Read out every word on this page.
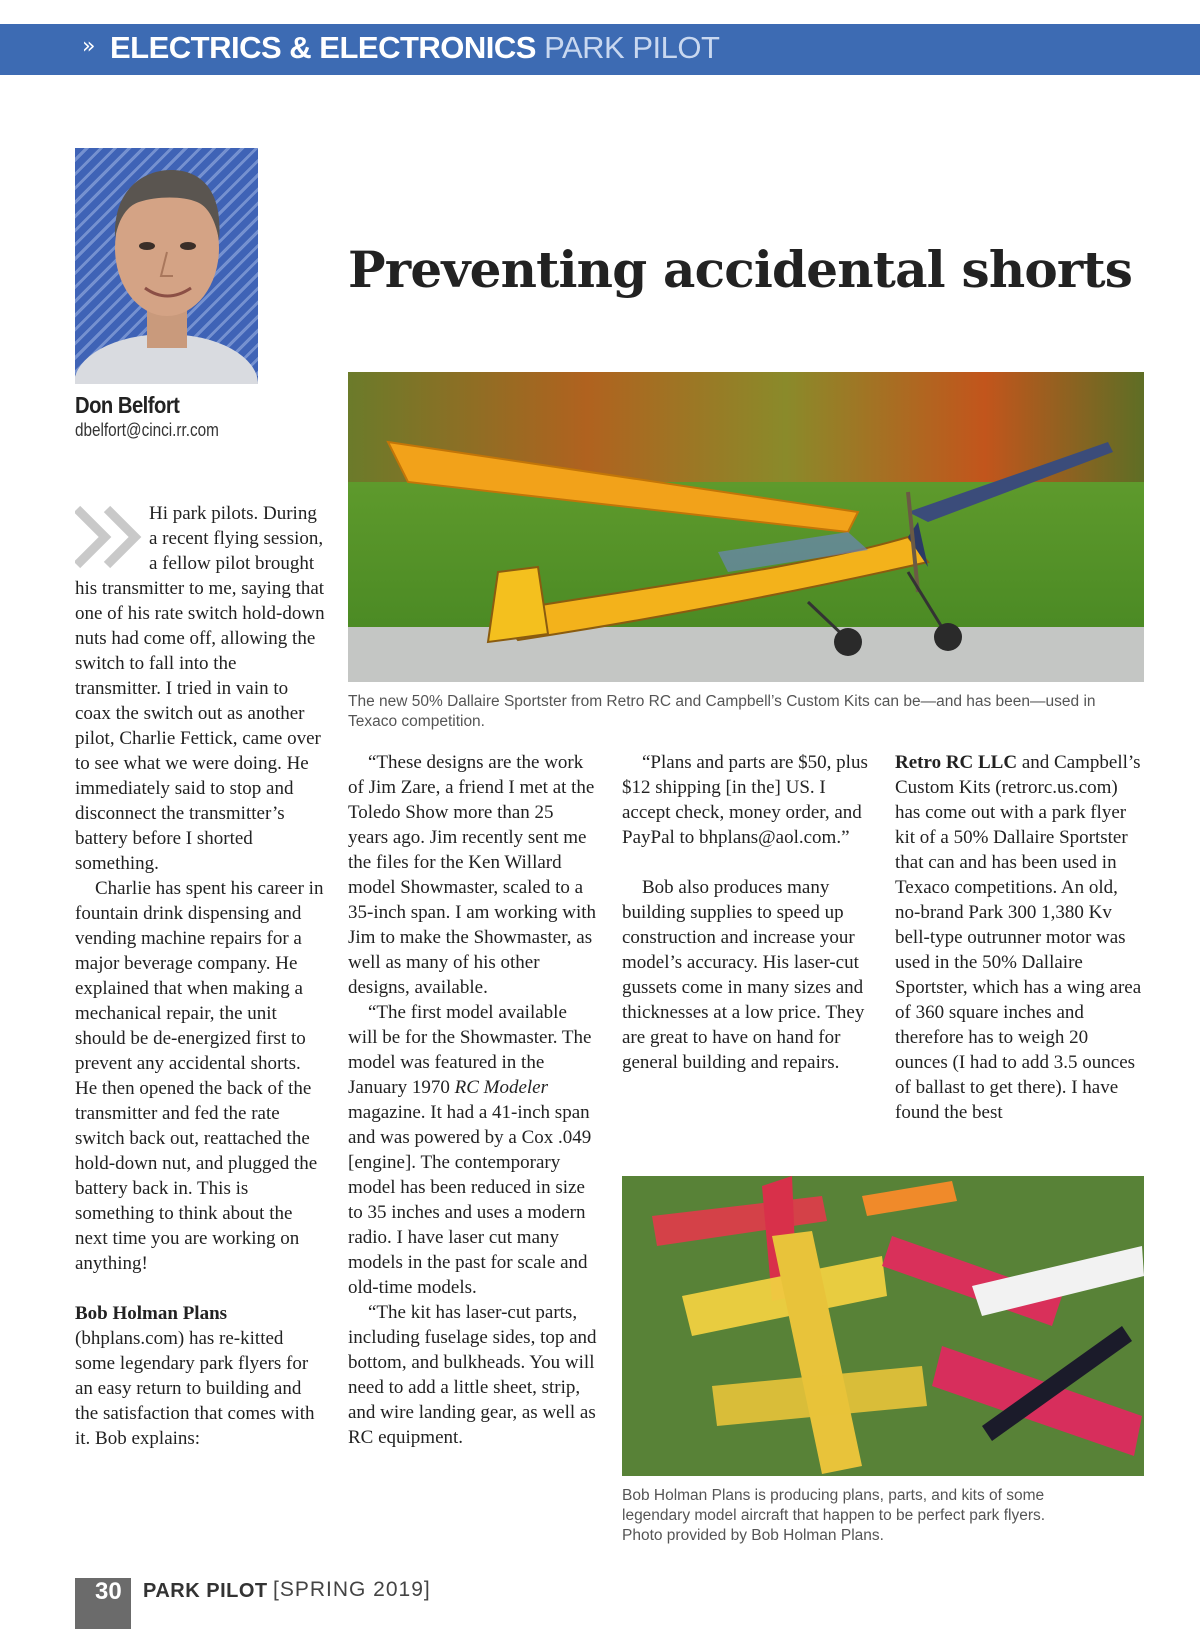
» ELECTRICS & ELECTRONICS PARK PILOT
Don Belfort
dbelfort@cinci.rr.com
Preventing accidental shorts
The new 50% Dallaire Sportster from Retro RC and Campbell’s Custom Kits can be—and has been—used in Texaco competition.

Hi park pilots. During a recent flying session, a fellow pilot brought his transmitter to me, saying that one of his rate switch hold-down nuts had come off, allowing the switch to fall into the transmitter. I tried in vain to coax the switch out as another pilot, Charlie Fettick, came over to see what we were doing. He immediately said to stop and disconnect the transmitter’s battery before I shorted something.

Charlie has spent his career in fountain drink dispensing and vending machine repairs for a major beverage company. He explained that when making a mechanical repair, the unit should be de-energized first to prevent any accidental shorts. He then opened the back of the transmitter and fed the rate switch back out, reattached the hold-down nut, and plugged the battery back in. This is something to think about the next time you are working on anything!

Bob Holman Plans (bhplans.com) has re-kitted some legendary park flyers for an easy return to building and the satisfaction that comes with it. Bob explains:

“These designs are the work of Jim Zare, a friend I met at the Toledo Show more than 25 years ago. Jim recently sent me the files for the Ken Willard model Showmaster, scaled to a 35-inch span. I am working with Jim to make the Showmaster, as well as many of his other designs, available.

“The first model available will be for the Showmaster. The model was featured in the January 1970 RC Modeler magazine. It had a 41-inch span and was powered by a Cox .049 [engine]. The contemporary model has been reduced in size to 35 inches and uses a modern radio. I have laser cut many models in the past for scale and old-time models.

“The kit has laser-cut parts, including fuselage sides, top and bottom, and bulkheads. You will need to add a little sheet, strip, and wire landing gear, as well as RC equipment.

“Plans and parts are $50, plus $12 shipping [in the] US. I accept check, money order, and PayPal to bhplans@aol.com.”

Bob also produces many building supplies to speed up construction and increase your model’s accuracy. His laser-cut gussets come in many sizes and thicknesses at a low price. They are great to have on hand for general building and repairs.

Retro RC LLC and Campbell’s Custom Kits (retrorc.us.com) has come out with a park flyer kit of a 50% Dallaire Sportster that can and has been used in Texaco competitions. An old, no-brand Park 300 1,380 Kv bell-type outrunner motor was used in the 50% Dallaire Sportster, which has a wing area of 360 square inches and therefore has to weigh 20 ounces (I had to add 3.5 ounces of ballast to get there). I have found the best

Bob Holman Plans is producing plans, parts, and kits of some
legendary model aircraft that happen to be perfect park flyers.
Photo provided by Bob Holman Plans.
30 PARK PILOT [SPRING 2019]
